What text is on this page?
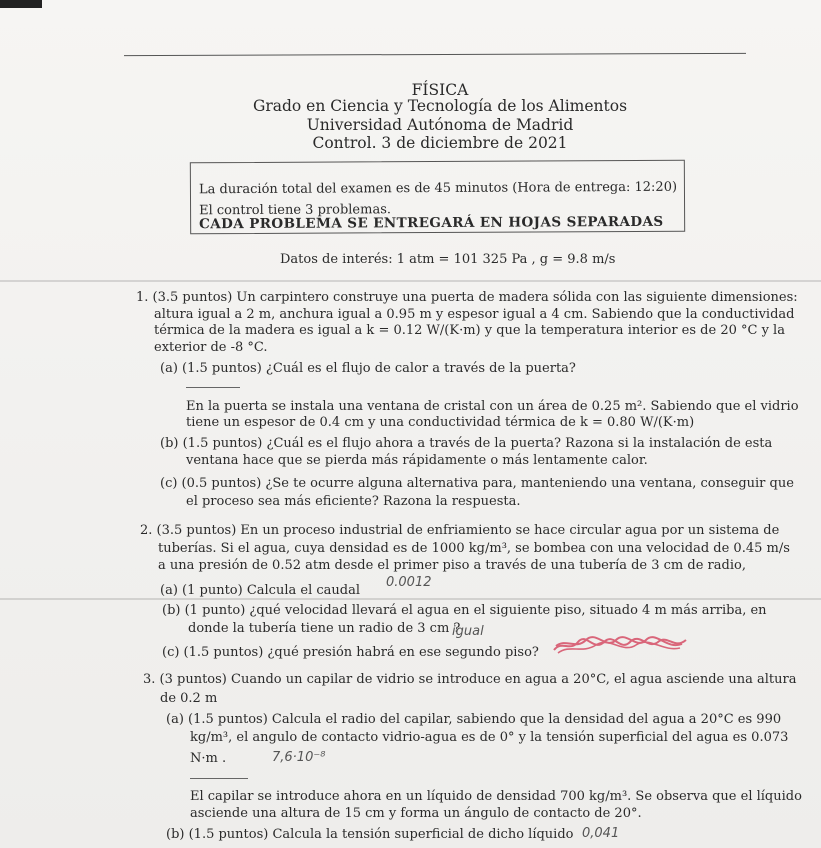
FÍSICA
Grado en Ciencia y Tecnología de los Alimentos
Universidad Autónoma de Madrid
Control. 3 de diciembre de 2021
La duración total del examen es de 45 minutos (Hora de entrega: 12:20)
El control tiene 3 problemas.
CADA PROBLEMA SE ENTREGARÁ EN HOJAS SEPARADAS
Datos de interés: 1 atm = 101 325 Pa , g = 9.8 m/s
1. (3.5 puntos) Un carpintero construye una puerta de madera sólida con las siguiente dimensiones:
altura igual a 2 m, anchura igual a 0.95 m y espesor igual a 4 cm. Sabiendo que la conductividad
térmica de la madera es igual a k = 0.12 W/(K·m) y que la temperatura interior es de 20 °C y la
exterior de -8 °C.
(a) (1.5 puntos) ¿Cuál es el flujo de calor a través de la puerta?
En la puerta se instala una ventana de cristal con un área de 0.25 m². Sabiendo que el vidrio
tiene un espesor de 0.4 cm y una conductividad térmica de k = 0.80 W/(K·m)
(b) (1.5 puntos) ¿Cuál es el flujo ahora a través de la puerta? Razona si la instalación de esta
ventana hace que se pierda más rápidamente o más lentamente calor.
(c) (0.5 puntos) ¿Se te ocurre alguna alternativa para, manteniendo una ventana, conseguir que
el proceso sea más eficiente? Razona la respuesta.
2. (3.5 puntos) En un proceso industrial de enfriamiento se hace circular agua por un sistema de
tuberías. Si el agua, cuya densidad es de 1000 kg/m³, se bombea con una velocidad de 0.45 m/s
a una presión de 0.52 atm desde el primer piso a través de una tubería de 3 cm de radio,
(a) (1 punto) Calcula el caudal
0.0012
(b) (1 punto) ¿qué velocidad llevará el agua en el siguiente piso, situado 4 m más arriba, en
donde la tubería tiene un radio de 3 cm ?
igual
(c) (1.5 puntos) ¿qué presión habrá en ese segundo piso?
3. (3 puntos) Cuando un capilar de vidrio se introduce en agua a 20°C, el agua asciende una altura
de 0.2 m
(a) (1.5 puntos) Calcula el radio del capilar, sabiendo que la densidad del agua a 20°C es 990
kg/m³, el angulo de contacto vidrio-agua es de 0° y la tensión superficial del agua es 0.073
N·m .	7,6·10⁻⁸
El capilar se introduce ahora en un líquido de densidad 700 kg/m³. Se observa que el líquido
asciende una altura de 15 cm y forma un ángulo de contacto de 20°.
(b) (1.5 puntos) Calcula la tensión superficial de dicho líquido 0,041
